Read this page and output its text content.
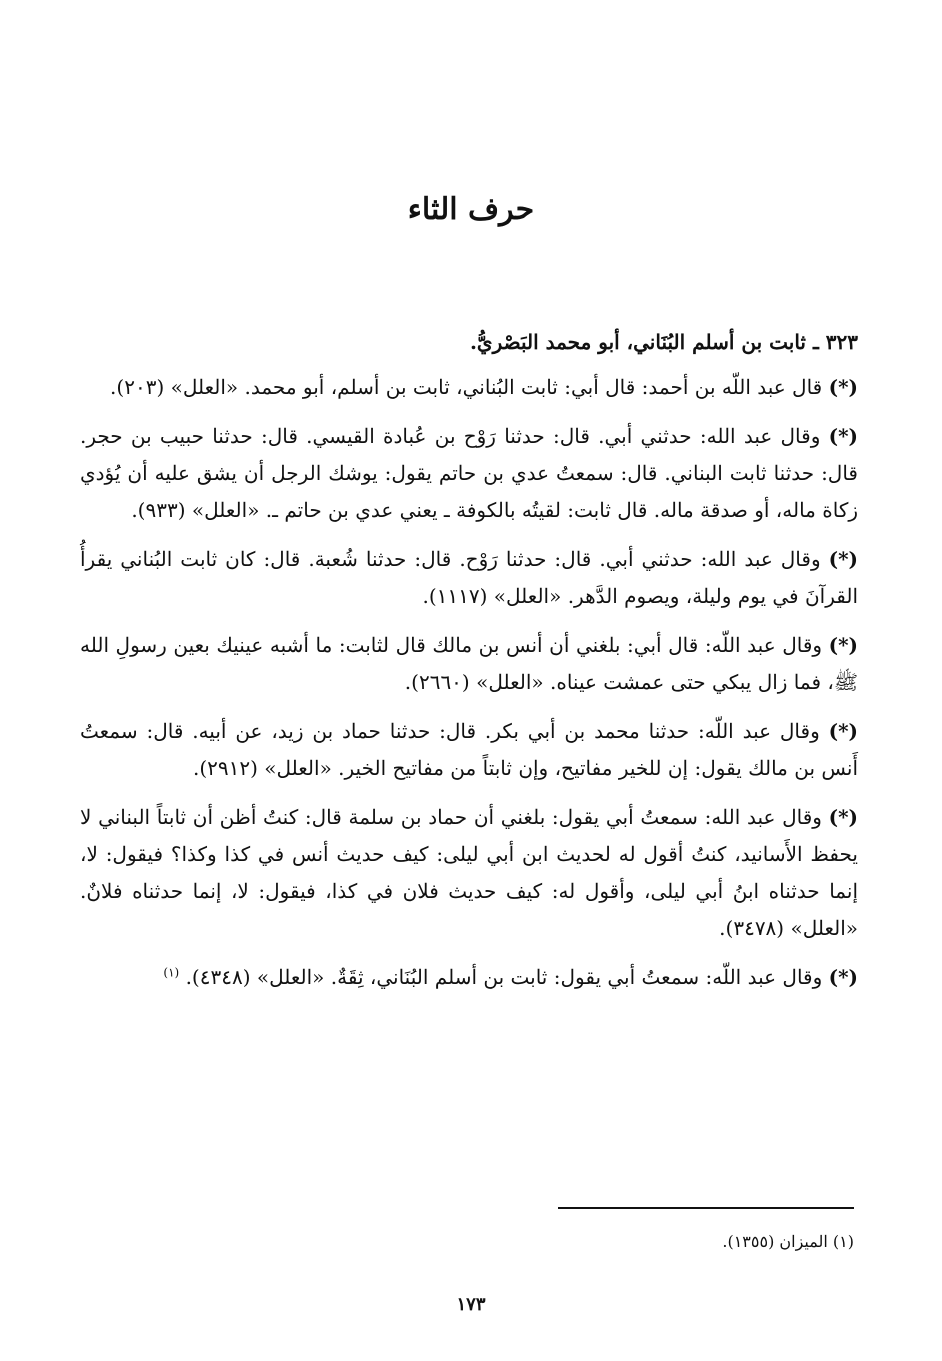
حرف الثاء

٣٢٣ ـ ثابت بن أسلم البُنَاني، أبو محمد البَصْريُّ.

(*) قال عبد اللّه بن أحمد: قال أبي: ثابت البُناني، ثابت بن أسلم، أبو محمد. «العلل» (٢٠٣).

(*) وقال عبد الله: حدثني أبي. قال: حدثنا رَوْح بن عُبادة القيسي. قال: حدثنا حبيب بن حجر. قال: حدثنا ثابت البناني. قال: سمعتُ عدي بن حاتم يقول: يوشك الرجل أن يشق عليه أن يُؤدي زكاة ماله، أو صدقة ماله. قال ثابت: لقيتُه بالكوفة ـ يعني عدي بن حاتم ـ. «العلل» (٩٣٣).

(*) وقال عبد الله: حدثني أبي. قال: حدثنا رَوْح. قال: حدثنا شُعبة. قال: كان ثابت البُناني يقرأُ القرآنَ في يوم وليلة، ويصوم الدَّهر. «العلل» (١١١٧).

(*) وقال عبد اللّه: قال أبي: بلغني أن أنس بن مالك قال لثابت: ما أشبه عينيك بعين رسولِ الله ﷺ، فما زال يبكي حتى عمشت عيناه. «العلل» (٢٦٦٠).

(*) وقال عبد اللّه: حدثنا محمد بن أبي بكر. قال: حدثنا حماد بن زيد، عن أبيه. قال: سمعتُ أَنس بن مالك يقول: إن للخير مفاتيح، وإن ثابتاً من مفاتيح الخير. «العلل» (٢٩١٢).

(*) وقال عبد الله: سمعتُ أبي يقول: بلغني أن حماد بن سلمة قال: كنتُ أظن أن ثابتاً البناني لا يحفظ الأَسانيد، كنتُ أقول له لحديث ابن أبي ليلى: كيف حديث أنس في كذا وكذا؟ فيقول: لا، إنما حدثناه ابنُ أبي ليلى، وأقول له: كيف حديث فلان في كذا، فيقول: لا، إنما حدثناه فلانٌ. «العلل» (٣٤٧٨).

(*) وقال عبد اللّه: سمعتُ أبي يقول: ثابت بن أسلم البُنَاني، ثِقَةٌ. «العلل» (٤٣٤٨). $^{(١)}$

(١) الميزان (١٣٥٥).
١٧٣
